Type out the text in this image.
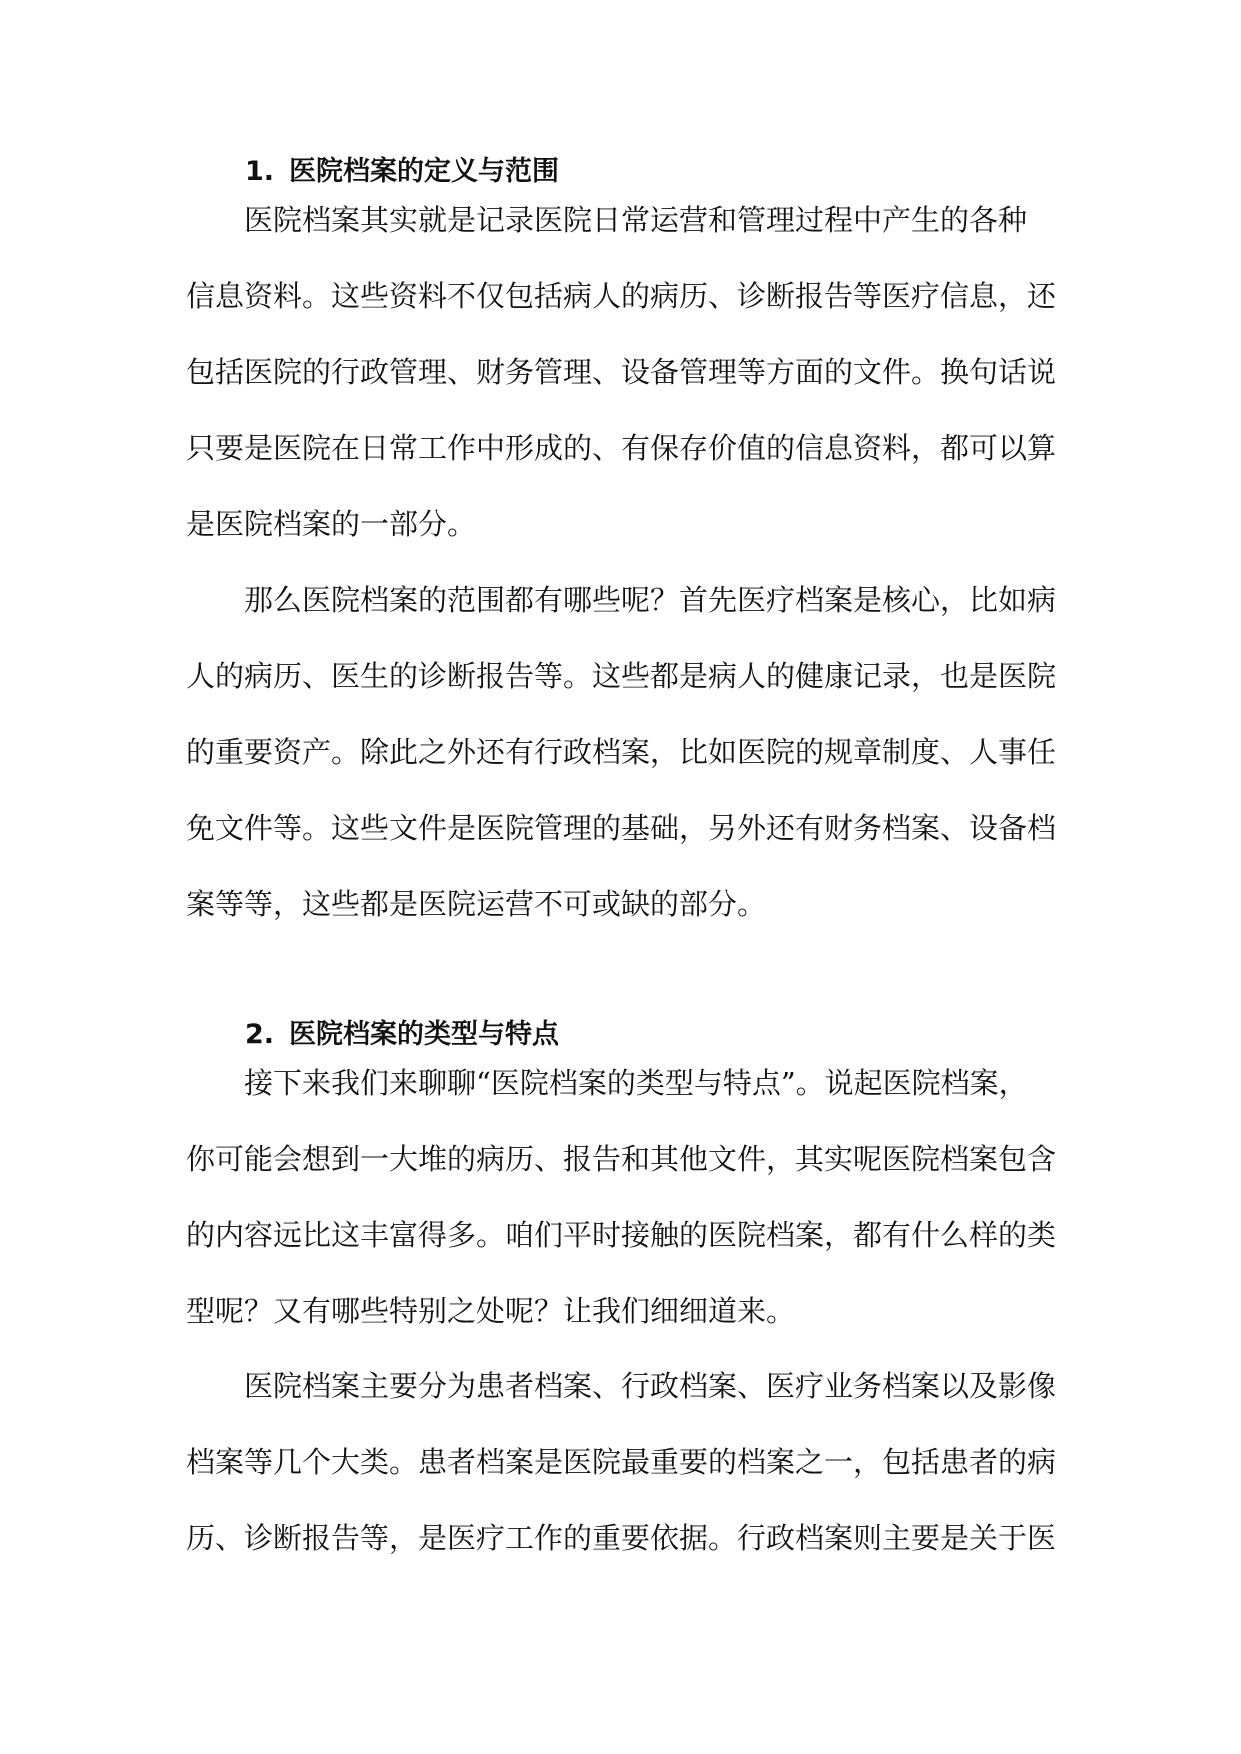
1. 医院档案的定义与范围
医院档案其实就是记录医院日常运营和管理过程中产生的各种
信息资料。这些资料不仅包括病人的病历、诊断报告等医疗信息，还
包括医院的行政管理、财务管理、设备管理等方面的文件。换句话说
只要是医院在日常工作中形成的、有保存价值的信息资料，都可以算
是医院档案的一部分。
那么医院档案的范围都有哪些呢？首先医疗档案是核心，比如病
人的病历、医生的诊断报告等。这些都是病人的健康记录，也是医院
的重要资产。除此之外还有行政档案，比如医院的规章制度、人事任
免文件等。这些文件是医院管理的基础，另外还有财务档案、设备档
案等等，这些都是医院运营不可或缺的部分。
2. 医院档案的类型与特点
接下来我们来聊聊“医院档案的类型与特点”。说起医院档案，
你可能会想到一大堆的病历、报告和其他文件，其实呢医院档案包含
的内容远比这丰富得多。咱们平时接触的医院档案，都有什么样的类
型呢？又有哪些特别之处呢？让我们细细道来。
医院档案主要分为患者档案、行政档案、医疗业务档案以及影像
档案等几个大类。患者档案是医院最重要的档案之一，包括患者的病
历、诊断报告等，是医疗工作的重要依据。行政档案则主要是关于医
